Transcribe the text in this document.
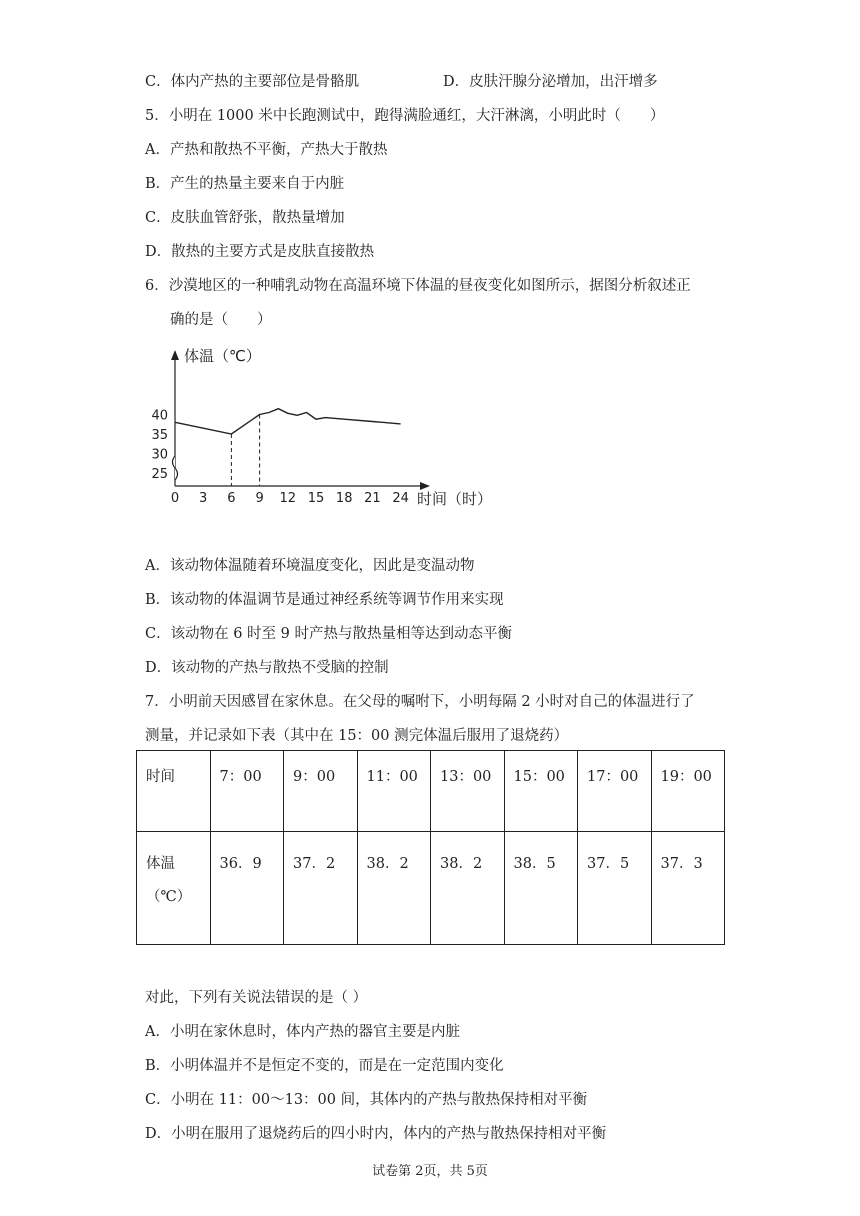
C．体内产热的主要部位是骨骼肌	D．皮肤汗腺分泌增加，出汗增多
5．小明在 1000 米中长跑测试中，跑得满脸通红，大汗淋漓，小明此时（　　）
A．产热和散热不平衡，产热大于散热
B．产生的热量主要来自于内脏
C．皮肤血管舒张，散热量增加
D．散热的主要方式是皮肤直接散热
6．沙漠地区的一种哺乳动物在高温环境下体温的昼夜变化如图所示，据图分析叙述正
确的是（　　）
体温（℃）
时间（时）
25
30
35
40
0 3 6 9 12 15 18 21 24
A．该动物体温随着环境温度变化，因此是变温动物
B．该动物的体温调节是通过神经系统等调节作用来实现
C．该动物在 6 时至 9 时产热与散热量相等达到动态平衡
D．该动物的产热与散热不受脑的控制
7．小明前天因感冒在家休息。在父母的嘱咐下，小明每隔 2 小时对自己的体温进行了
测量，并记录如下表（其中在 15：00 测完体温后服用了退烧药）
时间	7：00	9：00	11：00	13：00	15：00	17：00	19：00
体温
（℃）	36．9	37．2	38．2	38．2	38．5	37．5	37．3
对此，下列有关说法错误的是（ ）
A．小明在家休息时，体内产热的器官主要是内脏
B．小明体温并不是恒定不变的，而是在一定范围内变化
C．小明在 11：00～13：00 间，其体内的产热与散热保持相对平衡
D．小明在服用了退烧药后的四小时内，体内的产热与散热保持相对平衡
试卷第 2页，共 5页
